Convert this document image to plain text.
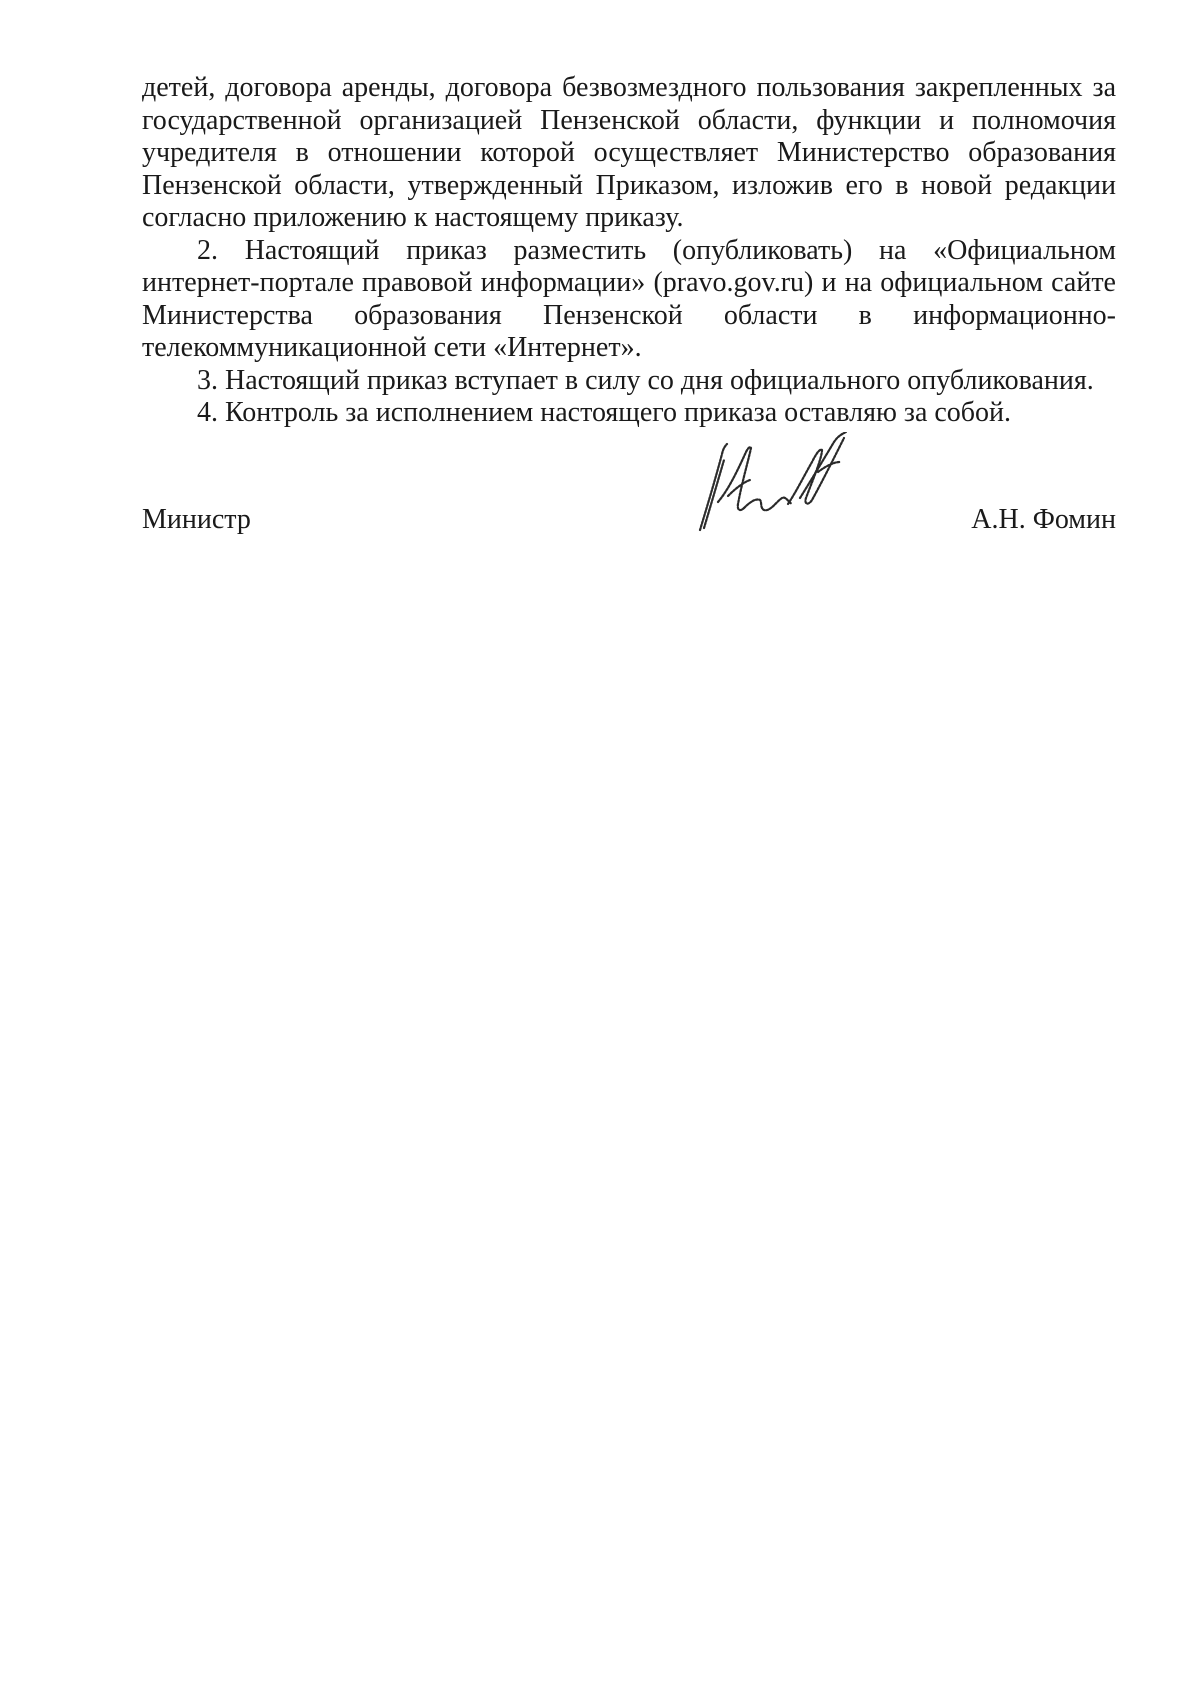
детей, договора аренды, договора безвозмездного пользования закрепленных за государственной организацией Пензенской области, функции и полномочия учредителя в отношении которой осуществляет Министерство образования Пензенской области, утвержденный Приказом, изложив его в новой редакции согласно приложению к настоящему приказу.

2. Настоящий приказ разместить (опубликовать) на «Официальном интернет-портале правовой информации» (pravo.gov.ru) и на официальном сайте Министерства образования Пензенской области в информационно-телекоммуникационной сети «Интернет».

3. Настоящий приказ вступает в силу со дня официального опубликования.

4. Контроль за исполнением настоящего приказа оставляю за собой.

Министр	А.Н. Фомин
